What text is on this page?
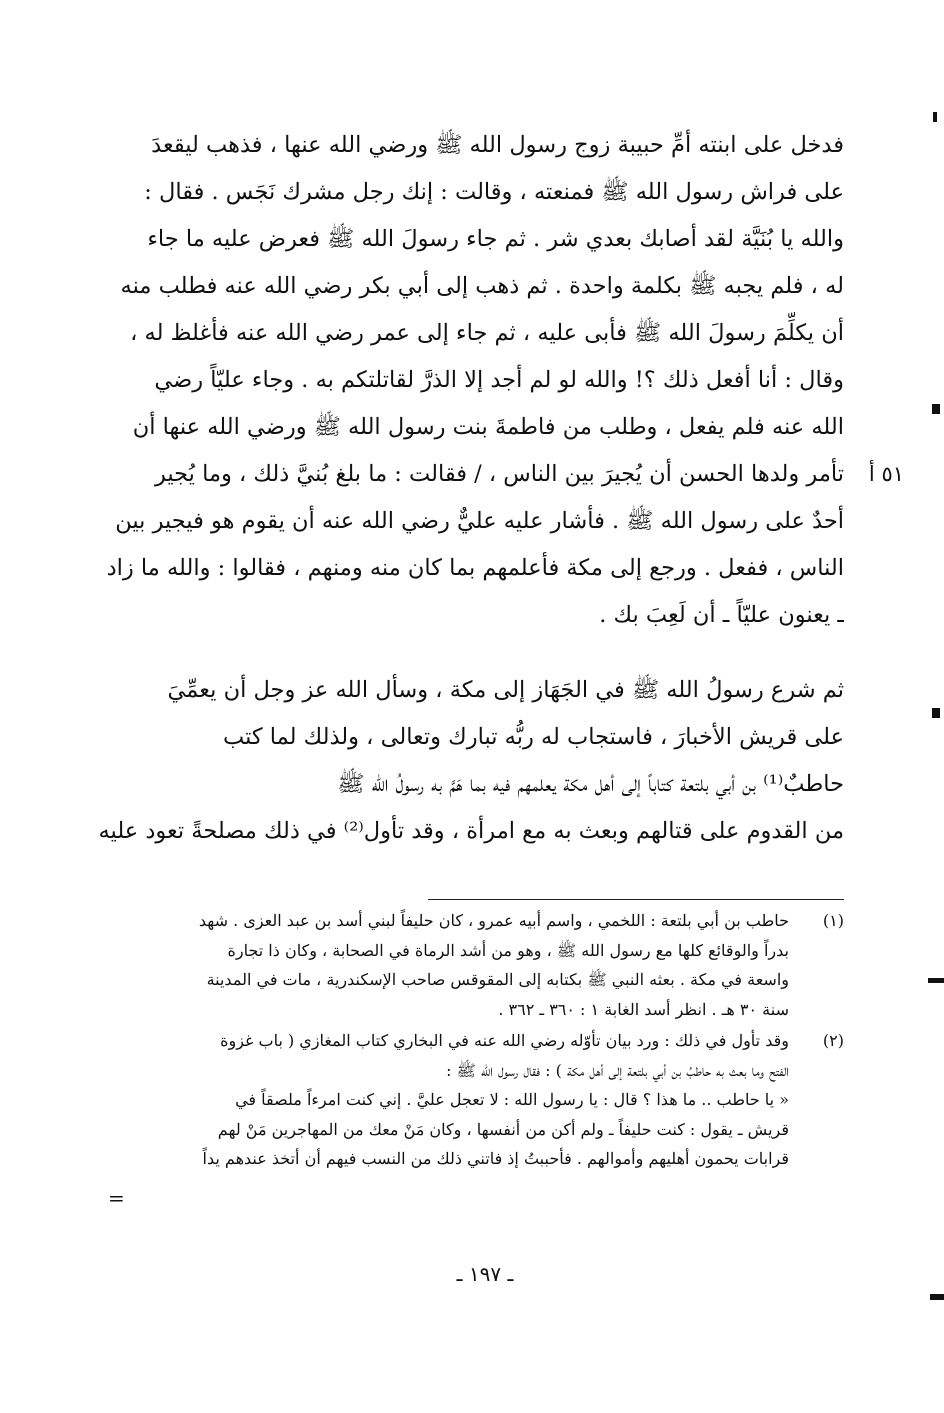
فدخل على ابنته أمِّ حبيبة زوج رسول الله ﷺ ورضي الله عنها ، فذهب ليقعدَ
على فراش رسول الله ﷺ فمنعته ، وقالت : إنك رجل مشرك نَجَس . فقال :
والله يا بُنَيَّة لقد أصابك بعدي شر . ثم جاء رسولَ الله ﷺ فعرض عليه ما جاء
له ، فلم يجبه ﷺ بكلمة واحدة . ثم ذهب إلى أبي بكر رضي الله عنه فطلب منه
أن يكلِّمَ رسولَ الله ﷺ فأبى عليه ، ثم جاء إلى عمر رضي الله عنه فأغلظ له ،
وقال : أنا أفعل ذلك ؟! والله لو لم أجد إلا الذرَّ لقاتلتكم به . وجاء عليّاً رضي
الله عنه فلم يفعل ، وطلب من فاطمةَ بنت رسول الله ﷺ ورضي الله عنها أن
تأمر ولدها الحسن أن يُجيرَ بين الناس ، / فقالت : ما بلغ بُنيَّ ذلك ، وما يُجير
أحدٌ على رسول الله ﷺ . فأشار عليه عليٌّ رضي الله عنه أن يقوم هو فيجير بين
الناس ، ففعل . ورجع إلى مكة فأعلمهم بما كان منه ومنهم ، فقالوا : والله ما زاد
ـ يعنون عليّاً ـ أن لَعِبَ بك .
ثم شرع رسولُ الله ﷺ في الجَهَاز إلى مكة ، وسأل الله عز وجل أن يعمِّيَ
على قريش الأخبارَ ، فاستجاب له ربُّه تبارك وتعالى ، ولذلك لما كتب
حاطبٌ⁽¹⁾ بن أبي بلتعة كتاباً إلى أهل مكة يعلمهم فيه بما هَمَّ به رسولُ الله ﷺ
من القدوم على قتالهم وبعث به مع امرأة ، وقد تأول⁽²⁾ في ذلك مصلحةً تعود عليه
٥١ أ
(١)
حاطب بن أبي بلتعة : اللخمي ، واسم أبيه عمرو ، كان حليفاً لبني أسد بن عبد العزى . شهد
بدراً والوقائع كلها مع رسول الله ﷺ ، وهو من أشد الرماة في الصحابة ، وكان ذا تجارة
واسعة في مكة . بعثه النبي ﷺ بكتابه إلى المقوقس صاحب الإسكندرية ، مات في المدينة
سنة ٣٠ هـ . انظر أسد الغابة ١ : ٣٦٠ ـ ٣٦٢ .
(٢)
وقد تأول في ذلك : ورد بيان تأوّله رضي الله عنه في البخاري كتاب المغازي ( باب غزوة
الفتح وما بعث به حاطبُ بن أبي بلتعة إلى أهل مكة ) : فقال رسول الله ﷺ :
« يا حاطب .. ما هذا ؟ قال : يا رسول الله : لا تعجل عليَّ . إني كنت امرءاً ملصقاً في
قريش ـ يقول : كنت حليفاً ـ ولم أكن من أنفسها ، وكان مَنْ معك من المهاجرين مَنْ لهم
قرابات يحمون أهليهم وأموالهم . فأحببتُ إذ فاتني ذلك من النسب فيهم أن أتخذ عندهم يداً
=
ـ ١٩٧ ـ
